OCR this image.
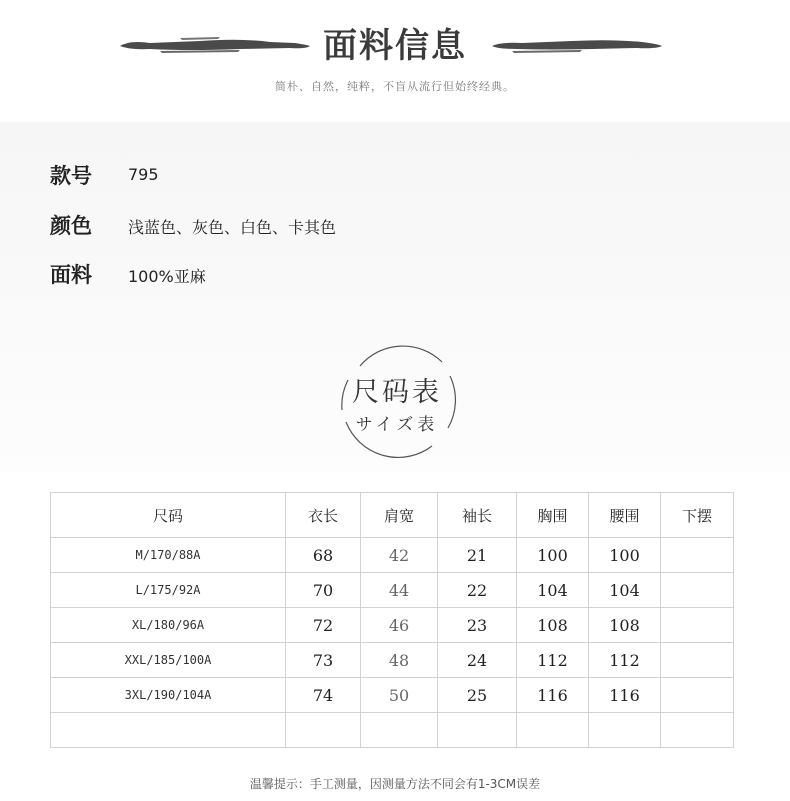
面料信息
简朴、自然，纯粹，不盲从流行但始终经典。
款号 795
颜色 浅蓝色、灰色、白色、卡其色
面料 100%亚麻
尺码表
サイズ表
尺码	衣长	肩宽	袖长	胸围	腰围	下摆
M/170/88A	68	42	21	100	100	
L/175/92A	70	44	22	104	104	
XL/180/96A	72	46	23	108	108	
XXL/185/100A	73	48	24	112	112	
3XL/190/104A	74	50	25	116	116	

温馨提示：手工测量，因测量方法不同会有1-3CM误差
